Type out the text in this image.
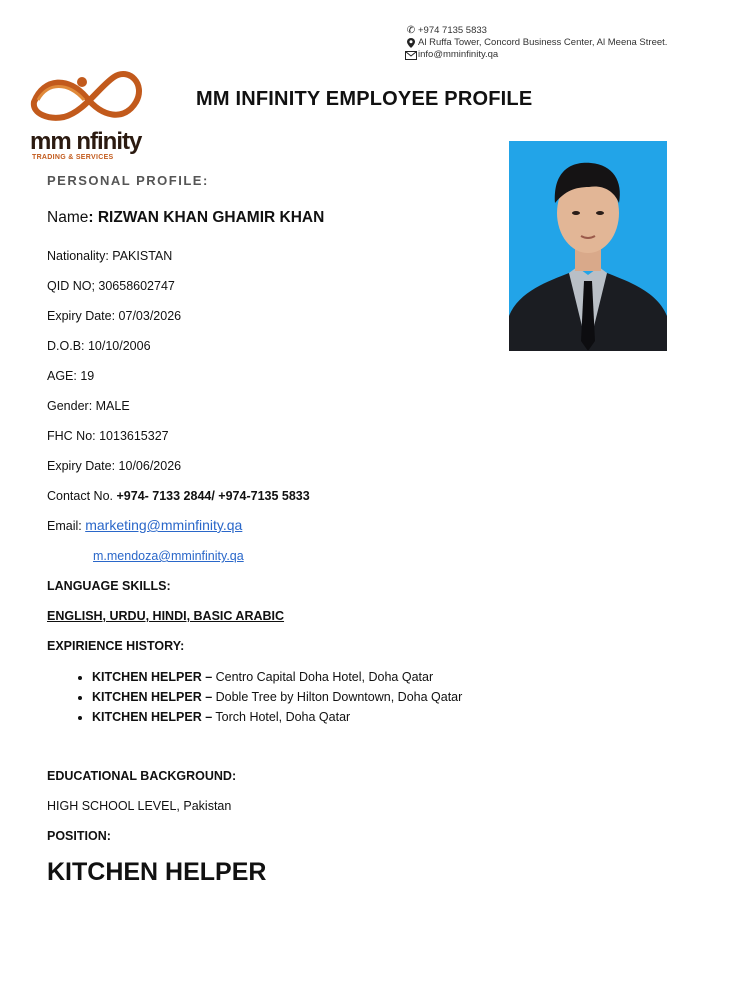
✆ +974 7135 5833
Al Ruffa Tower, Concord Business Center, Al Meena Street.
info@mminfinity.qa
mm nfinity
TRADING & SERVICES
MM INFINITY EMPLOYEE PROFILE
PERSONAL PROFILE:
Name: RIZWAN KHAN GHAMIR KHAN
Nationality: PAKISTAN
QID NO; 30658602747
Expiry Date: 07/03/2026
D.O.B: 10/10/2006
AGE: 19
Gender: MALE
FHC No: 1013615327
Expiry Date: 10/06/2026
Contact No. +974- 7133 2844/ +974-7135 5833
Email: marketing@mminfinity.qa
m.mendoza@mminfinity.qa
LANGUAGE SKILLS:
ENGLISH, URDU, HINDI, BASIC ARABIC
EXPIRIENCE HISTORY:
• KITCHEN HELPER – Centro Capital Doha Hotel, Doha Qatar
• KITCHEN HELPER – Doble Tree by Hilton Downtown, Doha Qatar
• KITCHEN HELPER – Torch Hotel, Doha Qatar
EDUCATIONAL BACKGROUND:
HIGH SCHOOL LEVEL, Pakistan
POSITION:
KITCHEN HELPER
